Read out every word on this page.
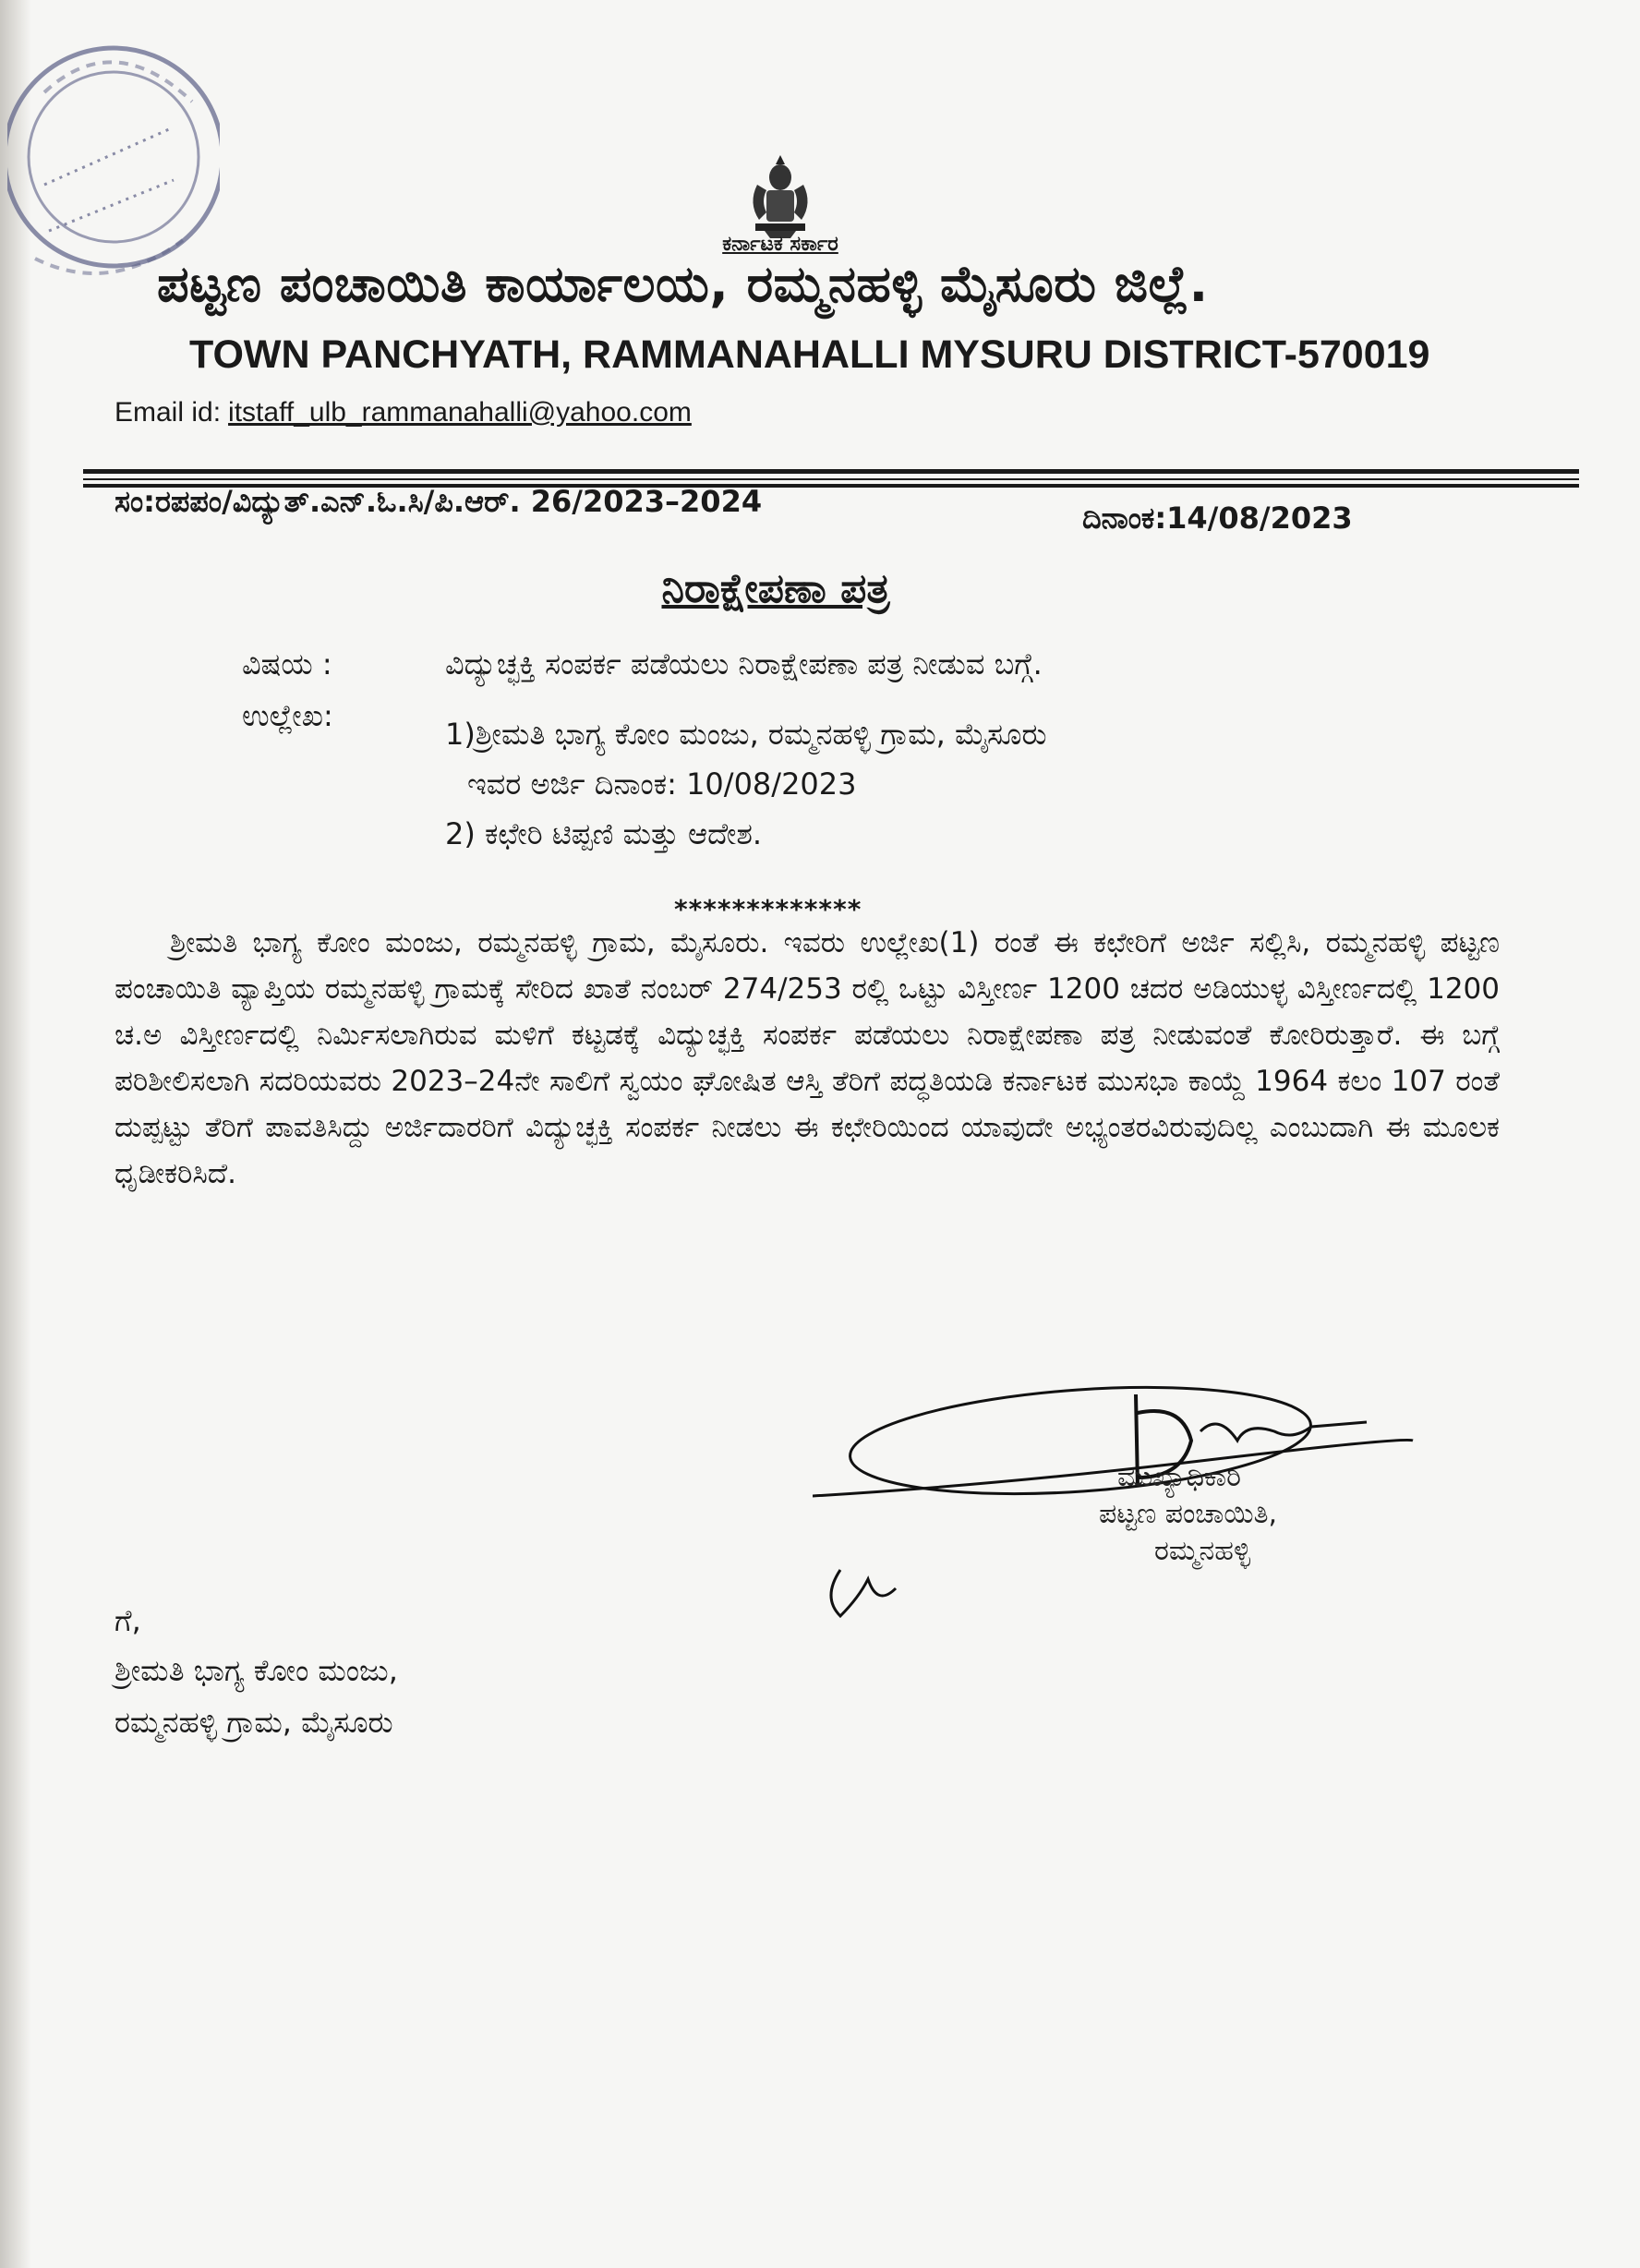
ಕರ್ನಾಟಕ ಸರ್ಕಾರ
ಪಟ್ಟಣ ಪಂಚಾಯಿತಿ ಕಾರ್ಯಾಲಯ, ರಮ್ಮನಹಳ್ಳಿ ಮೈಸೂರು ಜಿಲ್ಲೆ.
TOWN PANCHYATH, RAMMANAHALLI MYSURU DISTRICT-570019
Email id: itstaff_ulb_rammanahalli@yahoo.com
ಸಂ:ರಪಪಂ/ವಿದ್ಯುತ್.ಎನ್.ಓ.ಸಿ/ಪಿ.ಆರ್. 26/2023–2024	ದಿನಾಂಕ:14/08/2023
ನಿರಾಕ್ಷೇಪಣಾ ಪತ್ರ
ವಿಷಯ :	ವಿದ್ಯುಚ್ಛಕ್ತಿ ಸಂಪರ್ಕ ಪಡೆಯಲು ನಿರಾಕ್ಷೇಪಣಾ ಪತ್ರ ನೀಡುವ ಬಗ್ಗೆ.
ಉಲ್ಲೇಖ:
1)ಶ್ರೀಮತಿ ಭಾಗ್ಯ ಕೋಂ ಮಂಜು, ರಮ್ಮನಹಳ್ಳಿ ಗ್ರಾಮ, ಮೈಸೂರು
ಇವರ ಅರ್ಜಿ ದಿನಾಂಕ: 10/08/2023
2) ಕಛೇರಿ ಟಿಪ್ಪಣಿ ಮತ್ತು ಆದೇಶ.
*************
ಶ್ರೀಮತಿ ಭಾಗ್ಯ ಕೋಂ ಮಂಜು, ರಮ್ಮನಹಳ್ಳಿ ಗ್ರಾಮ, ಮೈಸೂರು. ಇವರು ಉಲ್ಲೇಖ(1) ರಂತೆ ಈ ಕಛೇರಿಗೆ ಅರ್ಜಿ ಸಲ್ಲಿಸಿ, ರಮ್ಮನಹಳ್ಳಿ ಪಟ್ಟಣ ಪಂಚಾಯಿತಿ ವ್ಯಾಪ್ತಿಯ ರಮ್ಮನಹಳ್ಳಿ ಗ್ರಾಮಕ್ಕೆ ಸೇರಿದ ಖಾತೆ ನಂಬರ್ 274/253 ರಲ್ಲಿ ಒಟ್ಟು ವಿಸ್ತೀರ್ಣ 1200 ಚದರ ಅಡಿಯುಳ್ಳ ವಿಸ್ತೀರ್ಣದಲ್ಲಿ 1200 ಚ.ಅ ವಿಸ್ತೀರ್ಣದಲ್ಲಿ ನಿರ್ಮಿಸಲಾಗಿರುವ ಮಳಿಗೆ ಕಟ್ಟಡಕ್ಕೆ ವಿದ್ಯುಚ್ಛಕ್ತಿ ಸಂಪರ್ಕ ಪಡೆಯಲು ನಿರಾಕ್ಷೇಪಣಾ ಪತ್ರ ನೀಡುವಂತೆ ಕೋರಿರುತ್ತಾರೆ. ಈ ಬಗ್ಗೆ ಪರಿಶೀಲಿಸಲಾಗಿ ಸದರಿಯವರು 2023–24ನೇ ಸಾಲಿಗೆ ಸ್ವಯಂ ಘೋಷಿತ ಆಸ್ತಿ ತೆರಿಗೆ ಪದ್ಧತಿಯಡಿ ಕರ್ನಾಟಕ ಮುಸಭಾ ಕಾಯ್ದೆ 1964 ಕಲಂ 107 ರಂತೆ ದುಪ್ಪಟ್ಟು ತೆರಿಗೆ ಪಾವತಿಸಿದ್ದು ಅರ್ಜಿದಾರರಿಗೆ ವಿದ್ಯುಚ್ಛಕ್ತಿ ಸಂಪರ್ಕ ನೀಡಲು ಈ ಕಛೇರಿಯಿಂದ ಯಾವುದೇ ಅಭ್ಯಂತರವಿರುವುದಿಲ್ಲ ಎಂಬುದಾಗಿ ಈ ಮೂಲಕ ಧೃಡೀಕರಿಸಿದೆ.
ಮುಖ್ಯಾಧಿಕಾರಿ
ಪಟ್ಟಣ ಪಂಚಾಯಿತಿ,
ರಮ್ಮನಹಳ್ಳಿ
ಗೆ,
ಶ್ರೀಮತಿ ಭಾಗ್ಯ ಕೋಂ ಮಂಜು,
ರಮ್ಮನಹಳ್ಳಿ ಗ್ರಾಮ, ಮೈಸೂರು
